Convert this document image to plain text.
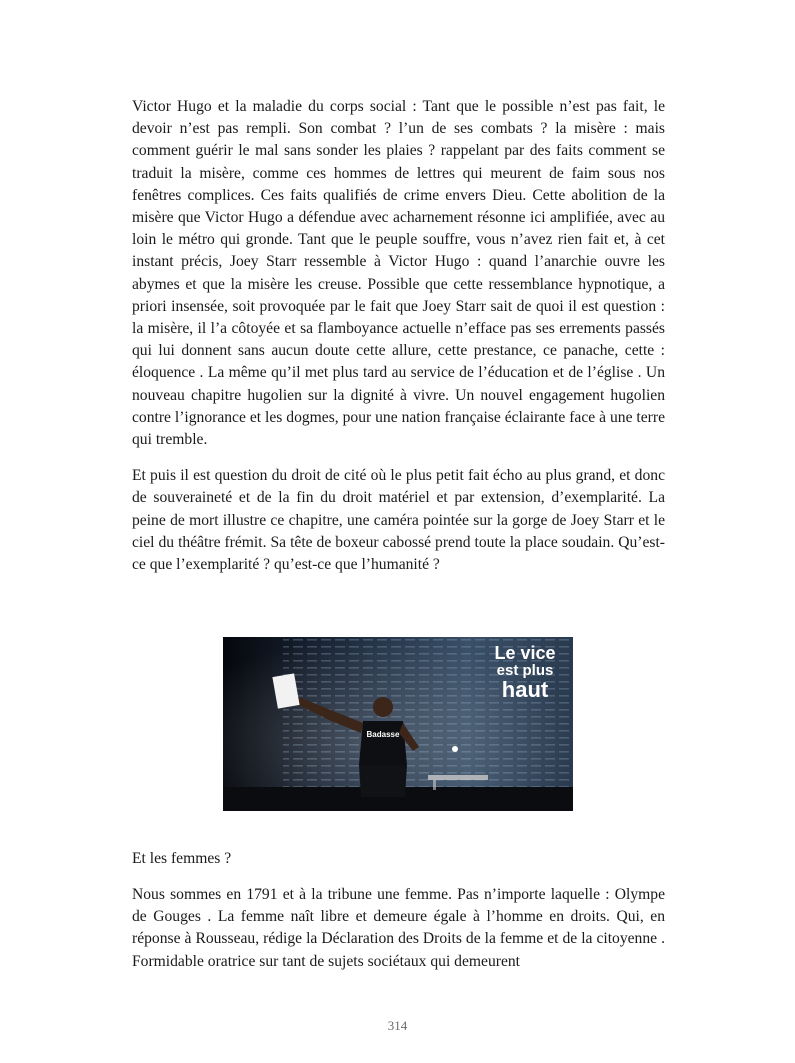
Victor Hugo et la maladie du corps social : Tant que le possible n’est pas fait, le devoir n’est pas rempli. Son combat ? l’un de ses combats ? la misère : mais comment guérir le mal sans sonder les plaies ? rappelant par des faits comment se traduit la misère, comme ces hommes de lettres qui meurent de faim sous nos fenêtres complices. Ces faits qualifiés de crime envers Dieu. Cette abolition de la misère que Victor Hugo a défendue avec acharnement résonne ici amplifiée, avec au loin le métro qui gronde. Tant que le peuple souffre, vous n’avez rien fait et, à cet instant précis, Joey Starr ressemble à Victor Hugo : quand l’anarchie ouvre les abymes et que la misère les creuse. Possible que cette ressemblance hypnotique, a priori insensée, soit provoquée par le fait que Joey Starr sait de quoi il est question : la misère, il l’a côtoyée et sa flamboyance actuelle n’efface pas ses errements passés qui lui donnent sans aucun doute cette allure, cette prestance, ce panache, cette : éloquence . La même qu’il met plus tard au service de l’éducation et de l’église . Un nouveau chapitre hugolien sur la dignité à vivre. Un nouvel engagement hugolien contre l’ignorance et les dogmes, pour une nation française éclairante face à une terre qui tremble.

Et puis il est question du droit de cité où le plus petit fait écho au plus grand, et donc de souveraineté et de la fin du droit matériel et par extension, d’exemplarité. La peine de mort illustre ce chapitre, une caméra pointée sur la gorge de Joey Starr et le ciel du théâtre frémit. Sa tête de boxeur cabossé prend toute la place soudain. Qu’est-ce que l’exemplarité ? qu’est-ce que l’humanité ?

Le vice
est plus
haut
Badasse

Et les femmes ?

Nous sommes en 1791 et à la tribune une femme. Pas n’importe laquelle : Olympe de Gouges . La femme naît libre et demeure égale à l’homme en droits. Qui, en réponse à Rousseau, rédige la Déclaration des Droits de la femme et de la citoyenne . Formidable oratrice sur tant de sujets sociétaux qui demeurent

314
